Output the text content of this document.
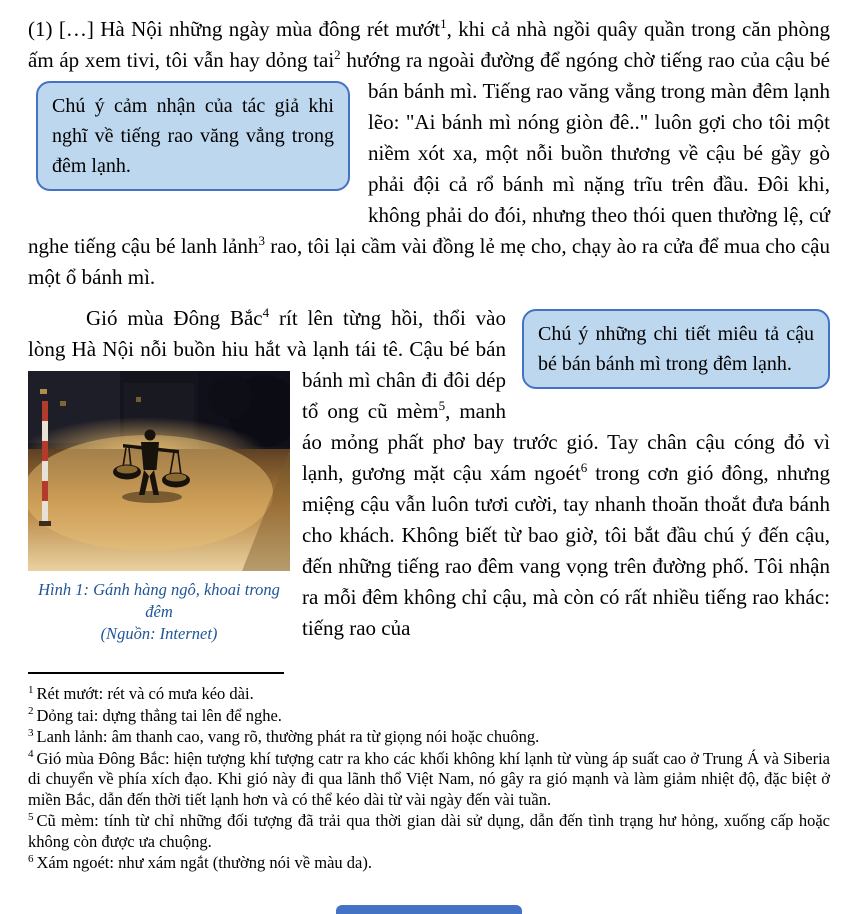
(1) […] Hà Nội những ngày mùa đông rét mướt$^1$, khi cả nhà ngồi quây quần trong căn phòng ấm áp xem tivi, tôi vẫn hay dỏng tai$^2$ hướng ra ngoài đường để ngóng chờ tiếng rao
Chú ý cảm nhận của tác giả khi nghĩ về tiếng rao văng vẳng trong đêm lạnh.
của cậu bé bán bánh mì. Tiếng rao văng vẳng trong màn đêm lạnh lẽo: "Ai bánh mì nóng giòn đê.." luôn gợi cho tôi một niềm xót xa, một nỗi buồn thương về cậu bé gầy gò phải đội cả rổ bánh mì nặng trĩu trên đầu. Đôi khi, không phải do đói, nhưng theo thói quen thường lệ, cứ nghe tiếng cậu bé lanh lảnh$^3$ rao, tôi lại cầm vài đồng lẻ mẹ cho, chạy ào ra cửa để mua cho cậu một ổ bánh mì.

Chú ý những chi tiết miêu tả cậu bé bán bánh mì trong đêm lạnh.
Gió mùa Đông Bắc$^4$ rít lên từng hồi, thổi vào lòng Hà Nội nỗi buồn hiu hắt và lạnh tái tê. Cậu bé bán bánh
Hình 1: Gánh hàng ngô, khoai trong đêm
(Nguồn: Internet)
mì chân đi đôi dép tổ ong cũ mèm$^5$, manh áo mỏng phất phơ bay trước gió. Tay chân cậu cóng đỏ vì lạnh, gương mặt cậu xám ngoét$^6$ trong cơn gió đông, nhưng miệng cậu vẫn luôn tươi cười, tay nhanh thoăn thoắt đưa bánh cho khách. Không biết từ bao giờ, tôi bắt đầu chú ý đến cậu, đến những tiếng rao đêm vang vọng trên đường phố. Tôi nhận ra mỗi đêm không chỉ cậu, mà còn có rất nhiều tiếng rao khác: tiếng rao của

$^1$ Rét mướt: rét và có mưa kéo dài.
$^2$ Dỏng tai: dựng thẳng tai lên để nghe.
$^3$ Lanh lảnh: âm thanh cao, vang rõ, thường phát ra từ giọng nói hoặc chuông.
$^4$ Gió mùa Đông Bắc: hiện tượng khí tượng catr ra kho các khối không khí lạnh từ vùng áp suất cao ở Trung Á và Siberia di chuyển về phía xích đạo. Khi gió này đi qua lãnh thổ Việt Nam, nó gây ra gió mạnh và làm giảm nhiệt độ, đặc biệt ở miền Bắc, dẫn đến thời tiết lạnh hơn và có thể kéo dài từ vài ngày đến vài tuần.
$^5$ Cũ mèm: tính từ chỉ những đối tượng đã trải qua thời gian dài sử dụng, dẫn đến tình trạng hư hỏng, xuống cấp hoặc không còn được ưa chuộng.
$^6$ Xám ngoét: như xám ngắt (thường nói về màu da).
